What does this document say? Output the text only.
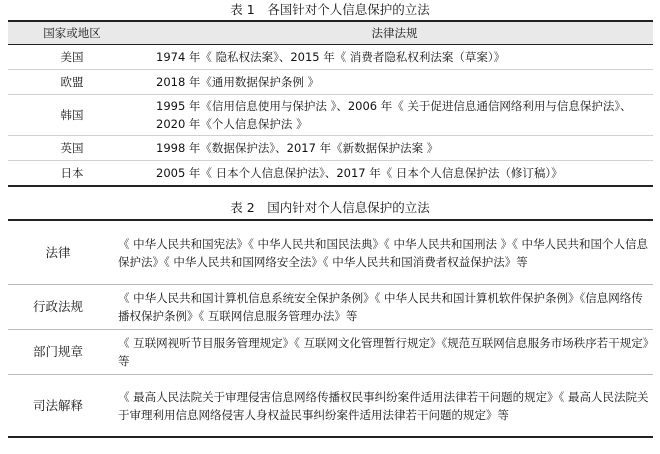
表 1　各国针对个人信息保护的立法
国家或地区	法律法规
美国	1974 年《 隐私权法案》、2015 年《 消费者隐私权利法案（草案）》
欧盟	2018 年《通用数据保护条例 》
韩国	1995 年《信用信息使用与保护法 》、2006 年《 关于促进信息通信网络利用与信息保护法》、2020 年《个人信息保护法 》
英国	1998 年《数据保护法》、2017 年《新数据保护法案 》
日本	2005 年《 日本个人信息保护法》、2017 年《 日本个人信息保护法（修订稿）》
表 2　国内针对个人信息保护的立法
法律	《 中华人民共和国宪法》《 中华人民共和国民法典》《 中华人民共和国刑法 》《 中华人民共和国个人信息保护法》《 中华人民共和国网络安全法》《 中华人民共和国消费者权益保护法》等
行政法规	《 中华人民共和国计算机信息系统安全保护条例》《 中华人民共和国计算机软件保护条例》《信息网络传播权保护条例》《 互联网信息服务管理办法》等
部门规章	《 互联网视听节目服务管理规定》《 互联网文化管理暂行规定》《规范互联网信息服务市场秩序若干规定》等
司法解释	《 最高人民法院关于审理侵害信息网络传播权民事纠纷案件适用法律若干问题的规定》《 最高人民法院关于审理利用信息网络侵害人身权益民事纠纷案件适用法律若干问题的规定》等
